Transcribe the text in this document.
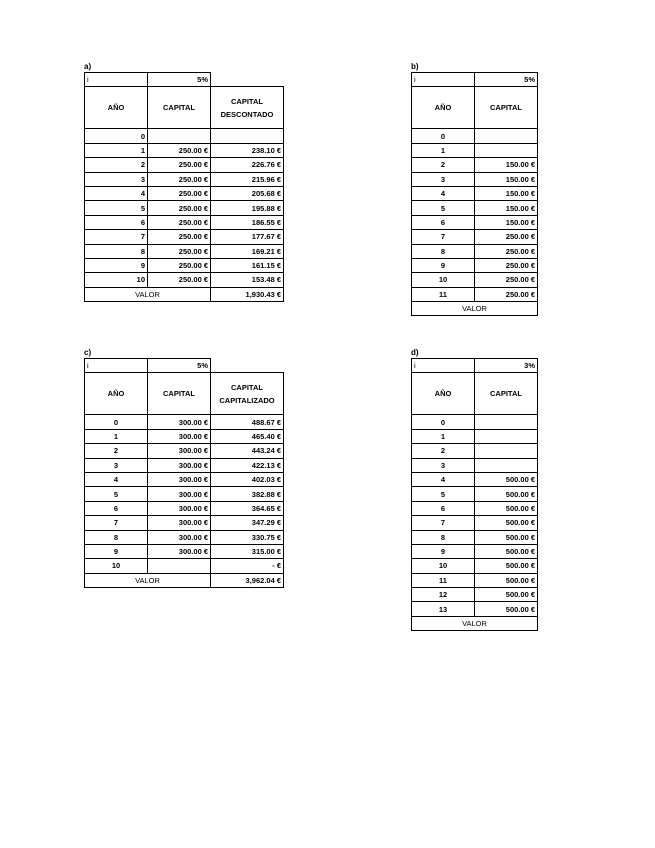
a)
i	5%	
AÑO	CAPITAL	CAPITAL DESCONTADO
0		
1	250.00 €	238.10 €
2	250.00 €	226.76 €
3	250.00 €	215.96 €
4	250.00 €	205.68 €
5	250.00 €	195.88 €
6	250.00 €	186.55 €
7	250.00 €	177.67 €
8	250.00 €	169.21 €
9	250.00 €	161.15 €
10	250.00 €	153.48 €
VALOR		1,930.43 €
b)
i	5%
AÑO	CAPITAL
0	
1	
2	150.00 €
3	150.00 €
4	150.00 €
5	150.00 €
6	150.00 €
7	250.00 €
8	250.00 €
9	250.00 €
10	250.00 €
11	250.00 €
VALOR	
c)
i	5%	
AÑO	CAPITAL	CAPITAL CAPITALIZADO
0	300.00 €	488.67 €
1	300.00 €	465.40 €
2	300.00 €	443.24 €
3	300.00 €	422.13 €
4	300.00 €	402.03 €
5	300.00 €	382.88 €
6	300.00 €	364.65 €
7	300.00 €	347.29 €
8	300.00 €	330.75 €
9	300.00 €	315.00 €
10		- €
VALOR		3,962.04 €
d)
i	3%
AÑO	CAPITAL
0	
1	
2	
3	
4	500.00 €
5	500.00 €
6	500.00 €
7	500.00 €
8	500.00 €
9	500.00 €
10	500.00 €
11	500.00 €
12	500.00 €
13	500.00 €
VALOR	
